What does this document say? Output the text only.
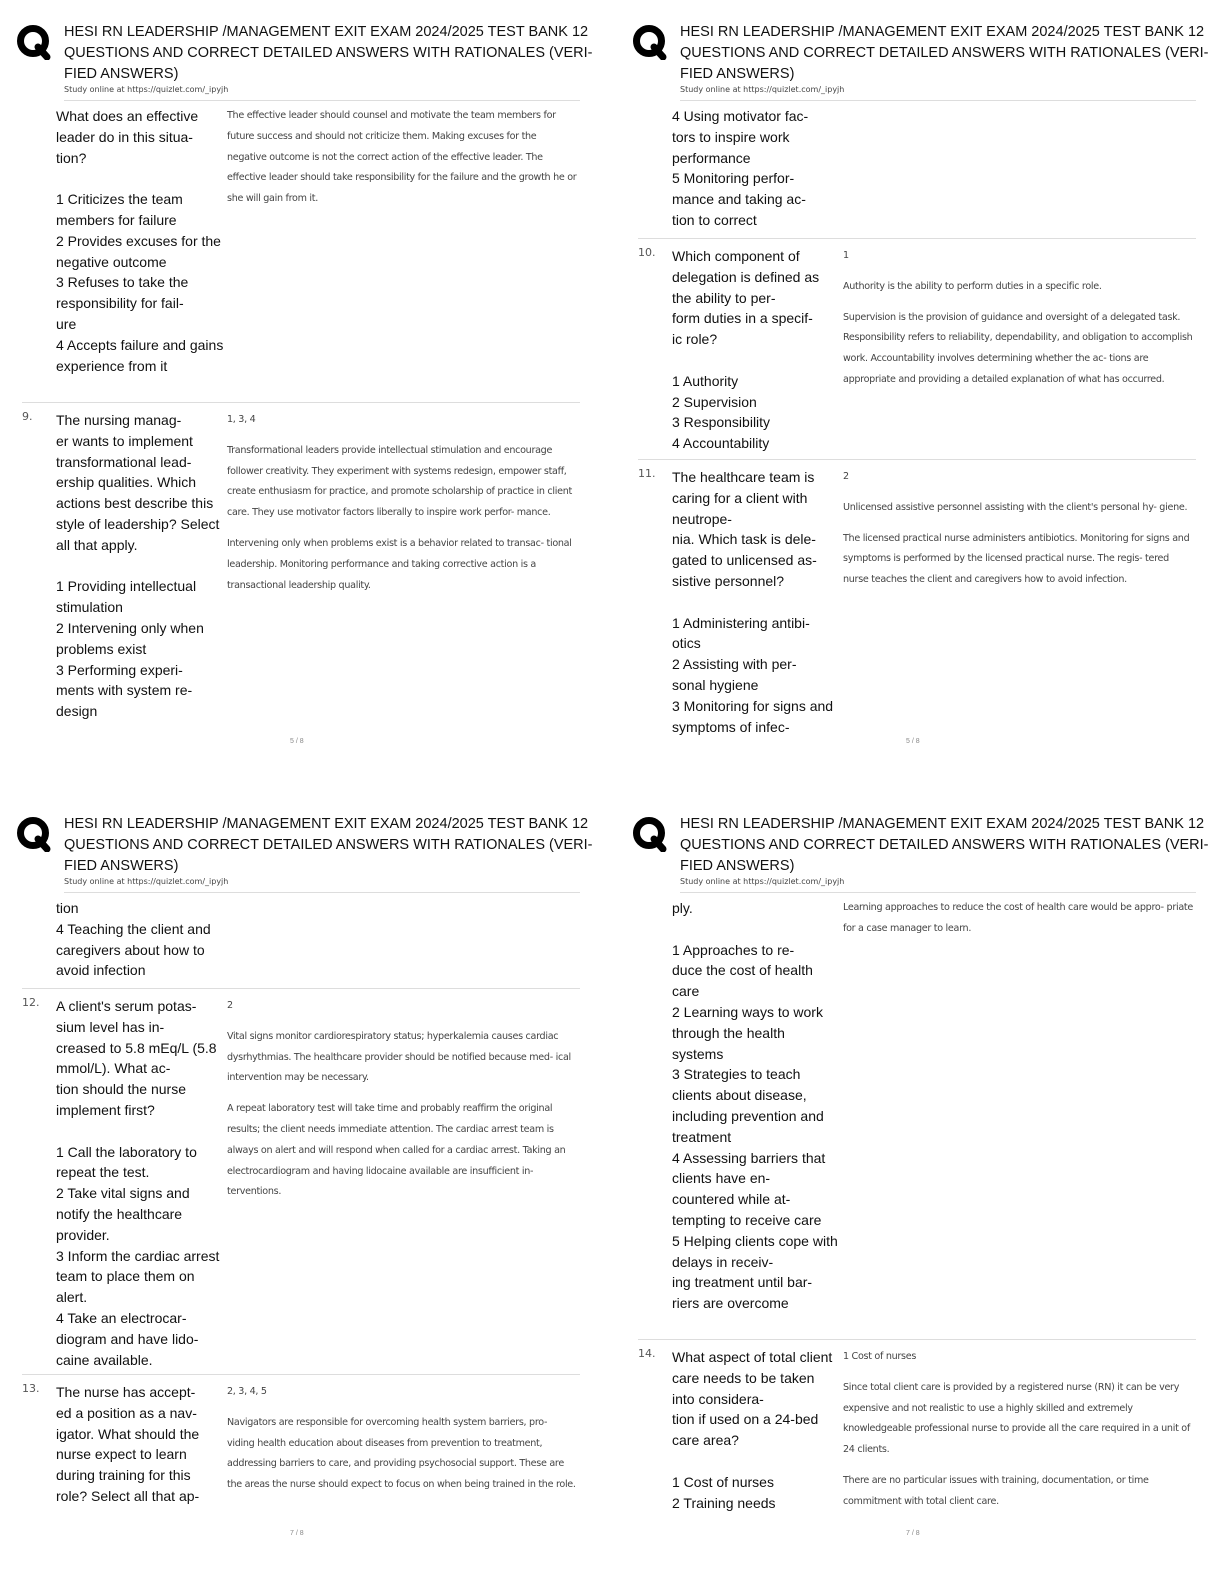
HESI RN LEADERSHIP /MANAGEMENT EXIT EXAM 2024/2025 TEST BANK 12
QUESTIONS AND CORRECT DETAILED ANSWERS WITH RATIONALES (VERI-
FIED ANSWERS)
Study online at https://quizlet.com/_ipyjh
What does an effective leader do in this situa-
tion?

1 Criticizes the team members for failure
2 Provides excuses for the negative outcome
3 Refuses to take the responsibility for fail-
ure
4 Accepts failure and gains experience from it

The effective leader should counsel and motivate the team members for future success and should not criticize them. Making excuses for the negative outcome is not the correct action of the effective leader. The effective leader should take responsibility for the failure and the growth he or she will gain from it.

9.	The nursing manag-
er wants to implement transformational lead-
ership qualities. Which actions best describe this style of leadership? Select all that apply.

1 Providing intellectual stimulation
2 Intervening only when problems exist
3 Performing experi-
ments with system re-
design

1, 3, 4

Transformational leaders provide intellectual stimulation and encourage follower creativity. They experiment with systems redesign, empower staff, create enthusiasm for practice, and promote scholarship of practice in client care. They use motivator factors liberally to inspire work perfor- mance.

Intervening only when problems exist is a behavior related to transac- tional leadership. Monitoring performance and taking corrective action is a transactional leadership quality.

5 / 8
HESI RN LEADERSHIP /MANAGEMENT EXIT EXAM 2024/2025 TEST BANK 12
QUESTIONS AND CORRECT DETAILED ANSWERS WITH RATIONALES (VERI-
FIED ANSWERS)
Study online at https://quizlet.com/_ipyjh
4 Using motivator fac-
tors to inspire work performance
5 Monitoring perfor-
mance and taking ac-
tion to correct
10. Which component of delegation is defined as the ability to per-
form duties in a specif-
ic role?

1 Authority
2 Supervision
3 Responsibility
4 Accountability

1

Authority is the ability to perform duties in a specific role.

Supervision is the provision of guidance and oversight of a delegated task. Responsibility refers to reliability, dependability, and obligation to accomplish work. Accountability involves determining whether the ac- tions are appropriate and providing a detailed explanation of what has occurred.

11. The healthcare team is caring for a client with neutrope-
nia. Which task is dele-
gated to unlicensed as-
sistive personnel?

1 Administering antibi-
otics
2 Assisting with per-
sonal hygiene
3 Monitoring for signs and symptoms of infec-

2

Unlicensed assistive personnel assisting with the client's personal hy- giene.

The licensed practical nurse administers antibiotics. Monitoring for signs and symptoms is performed by the licensed practical nurse. The regis- tered nurse teaches the client and caregivers how to avoid infection.

5 / 8
HESI RN LEADERSHIP /MANAGEMENT EXIT EXAM 2024/2025 TEST BANK 12
QUESTIONS AND CORRECT DETAILED ANSWERS WITH RATIONALES (VERI-
FIED ANSWERS)
Study online at https://quizlet.com/_ipyjh
tion
4 Teaching the client and caregivers about how to avoid infection
12. A client's serum potas-
sium level has in-
creased to 5.8 mEq/L (5.8 mmol/L). What ac-
tion should the nurse implement first?

1 Call the laboratory to repeat the test.
2 Take vital signs and notify the healthcare provider.
3 Inform the cardiac arrest team to place them on alert.
4 Take an electrocar-
diogram and have lido-
caine available.

2

Vital signs monitor cardiorespiratory status; hyperkalemia causes cardiac dysrhythmias. The healthcare provider should be notified because med- ical intervention may be necessary.

A repeat laboratory test will take time and probably reaffirm the original results; the client needs immediate attention. The cardiac arrest team is always on alert and will respond when called for a cardiac arrest. Taking an electrocardiogram and having lidocaine available are insufficient in- terventions.

13. The nurse has accept-
ed a position as a nav-
igator. What should the nurse expect to learn during training for this role? Select all that ap-

2, 3, 4, 5

Navigators are responsible for overcoming health system barriers, pro- viding health education about diseases from prevention to treatment, addressing barriers to care, and providing psychosocial support. These are the areas the nurse should expect to focus on when being trained in the role.

7 / 8
HESI RN LEADERSHIP /MANAGEMENT EXIT EXAM 2024/2025 TEST BANK 12
QUESTIONS AND CORRECT DETAILED ANSWERS WITH RATIONALES (VERI-
FIED ANSWERS)
Study online at https://quizlet.com/_ipyjh
ply.

1 Approaches to re-
duce the cost of health care
2 Learning ways to work through the health systems
3 Strategies to teach clients about disease, including prevention and treatment
4 Assessing barriers that clients have en-
countered while at-
tempting to receive care
5 Helping clients cope with delays in receiv-
ing treatment until bar-
riers are overcome

Learning approaches to reduce the cost of health care would be appro- priate for a case manager to learn.

14. What aspect of total client care needs to be taken into considera-
tion if used on a 24-bed care area?

1 Cost of nurses
2 Training needs

1 Cost of nurses

Since total client care is provided by a registered nurse (RN) it can be very expensive and not realistic to use a highly skilled and extremely knowledgeable professional nurse to provide all the care required in a unit of 24 clients.

There are no particular issues with training, documentation, or time commitment with total client care.

7 / 8
